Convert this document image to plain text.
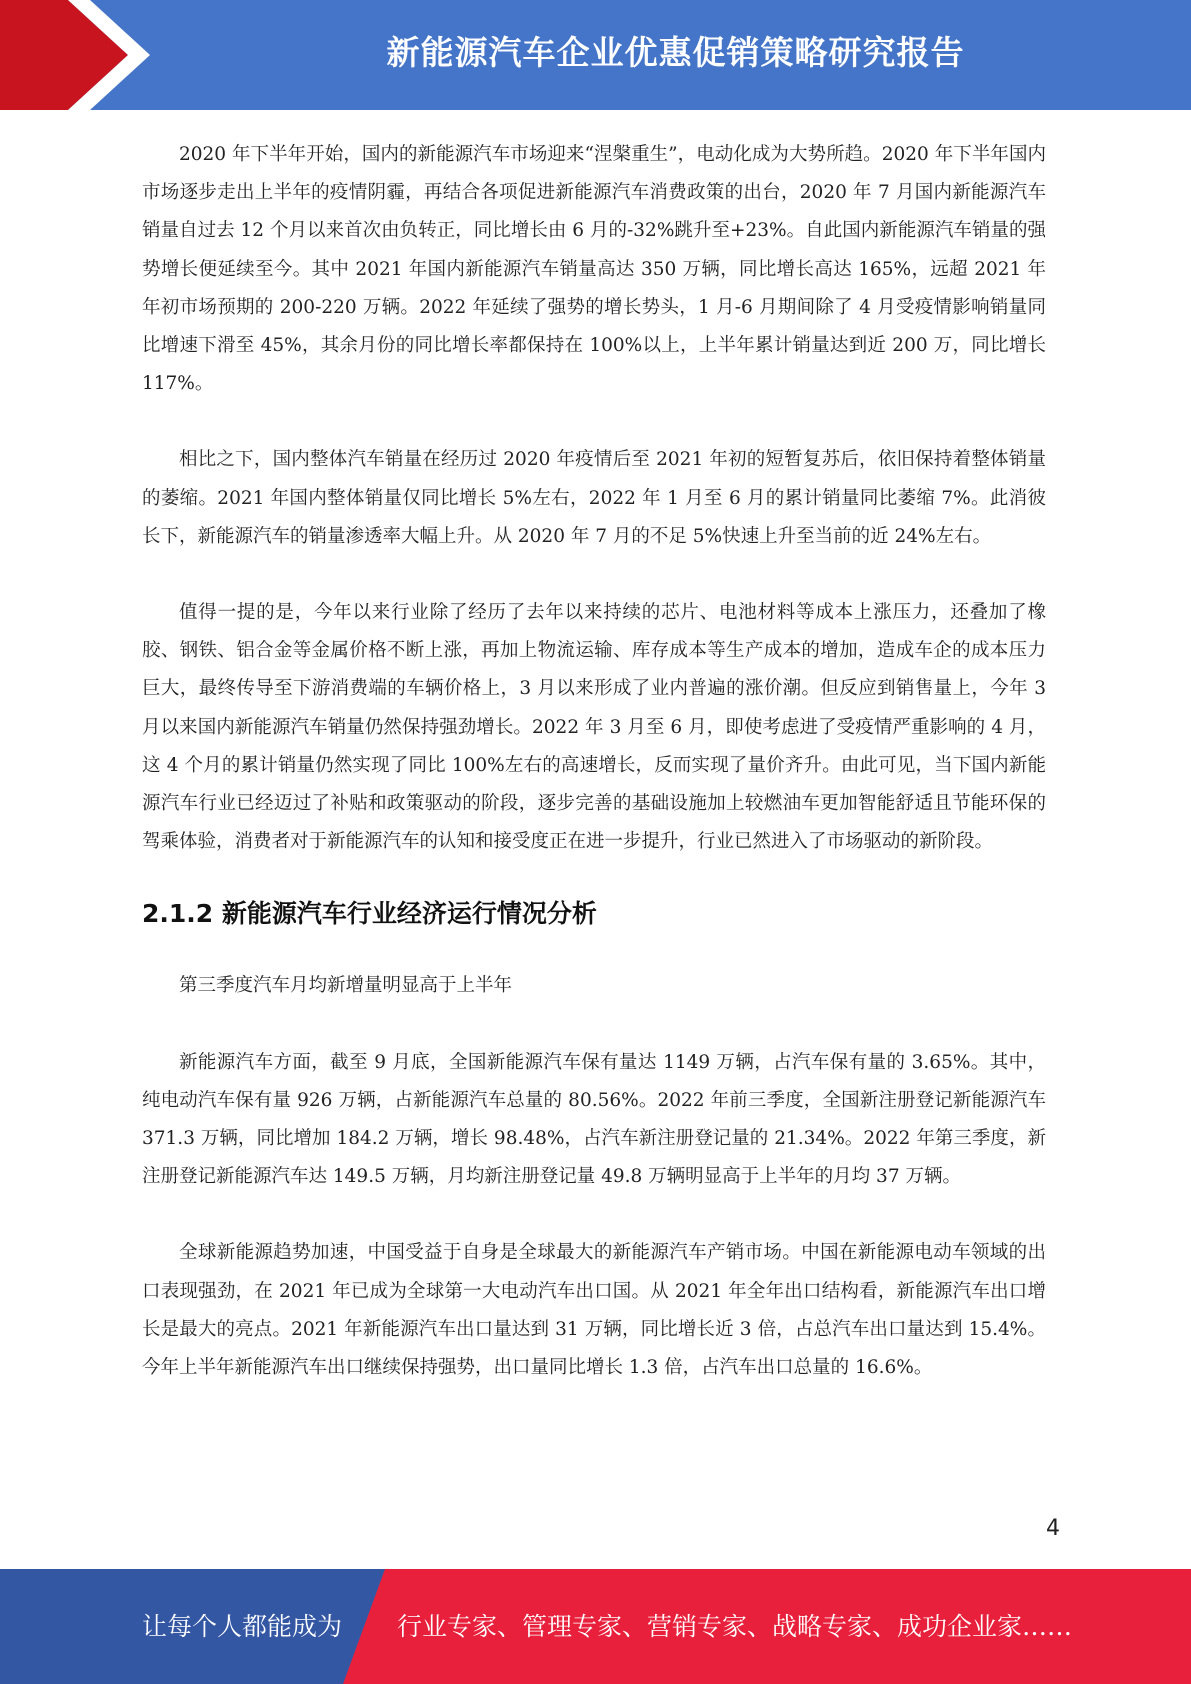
新能源汽车企业优惠促销策略研究报告

2020 年下半年开始，国内的新能源汽车市场迎来“涅槃重生”，电动化成为大势所趋。2020 年下半年国内市场逐步走出上半年的疫情阴霾，再结合各项促进新能源汽车消费政策的出台，2020 年 7 月国内新能源汽车销量自过去 12 个月以来首次由负转正，同比增长由 6 月的-32%跳升至+23%。自此国内新能源汽车销量的强势增长便延续至今。其中 2021 年国内新能源汽车销量高达 350 万辆，同比增长高达 165%，远超 2021 年年初市场预期的 200-220 万辆。2022 年延续了强势的增长势头，1 月-6 月期间除了 4 月受疫情影响销量同比增速下滑至 45%，其余月份的同比增长率都保持在 100%以上，上半年累计销量达到近 200 万，同比增长 117%。

相比之下，国内整体汽车销量在经历过 2020 年疫情后至 2021 年初的短暂复苏后，依旧保持着整体销量的萎缩。2021 年国内整体销量仅同比增长 5%左右，2022 年 1 月至 6 月的累计销量同比萎缩 7%。此消彼长下，新能源汽车的销量渗透率大幅上升。从 2020 年 7 月的不足 5%快速上升至当前的近 24%左右。

值得一提的是，今年以来行业除了经历了去年以来持续的芯片、电池材料等成本上涨压力，还叠加了橡胶、钢铁、铝合金等金属价格不断上涨，再加上物流运输、库存成本等生产成本的增加，造成车企的成本压力巨大，最终传导至下游消费端的车辆价格上，3 月以来形成了业内普遍的涨价潮。但反应到销售量上，今年 3 月以来国内新能源汽车销量仍然保持强劲增长。2022 年 3 月至 6 月，即使考虑进了受疫情严重影响的 4 月，这 4 个月的累计销量仍然实现了同比 100%左右的高速增长，反而实现了量价齐升。由此可见，当下国内新能源汽车行业已经迈过了补贴和政策驱动的阶段，逐步完善的基础设施加上较燃油车更加智能舒适且节能环保的驾乘体验，消费者对于新能源汽车的认知和接受度正在进一步提升，行业已然进入了市场驱动的新阶段。

2.1.2 新能源汽车行业经济运行情况分析

第三季度汽车月均新增量明显高于上半年

新能源汽车方面，截至 9 月底，全国新能源汽车保有量达 1149 万辆，占汽车保有量的 3.65%。其中，纯电动汽车保有量 926 万辆，占新能源汽车总量的 80.56%。2022 年前三季度，全国新注册登记新能源汽车 371.3 万辆，同比增加 184.2 万辆，增长 98.48%，占汽车新注册登记量的 21.34%。2022 年第三季度，新注册登记新能源汽车达 149.5 万辆，月均新注册登记量 49.8 万辆明显高于上半年的月均 37 万辆。

全球新能源趋势加速，中国受益于自身是全球最大的新能源汽车产销市场。中国在新能源电动车领域的出口表现强劲，在 2021 年已成为全球第一大电动汽车出口国。从 2021 年全年出口结构看，新能源汽车出口增长是最大的亮点。2021 年新能源汽车出口量达到 31 万辆，同比增长近 3 倍，占总汽车出口量达到 15.4%。今年上半年新能源汽车出口继续保持强势，出口量同比增长 1.3 倍，占汽车出口总量的 16.6%。

4
让每个人都能成为 行业专家、管理专家、营销专家、战略专家、成功企业家……
